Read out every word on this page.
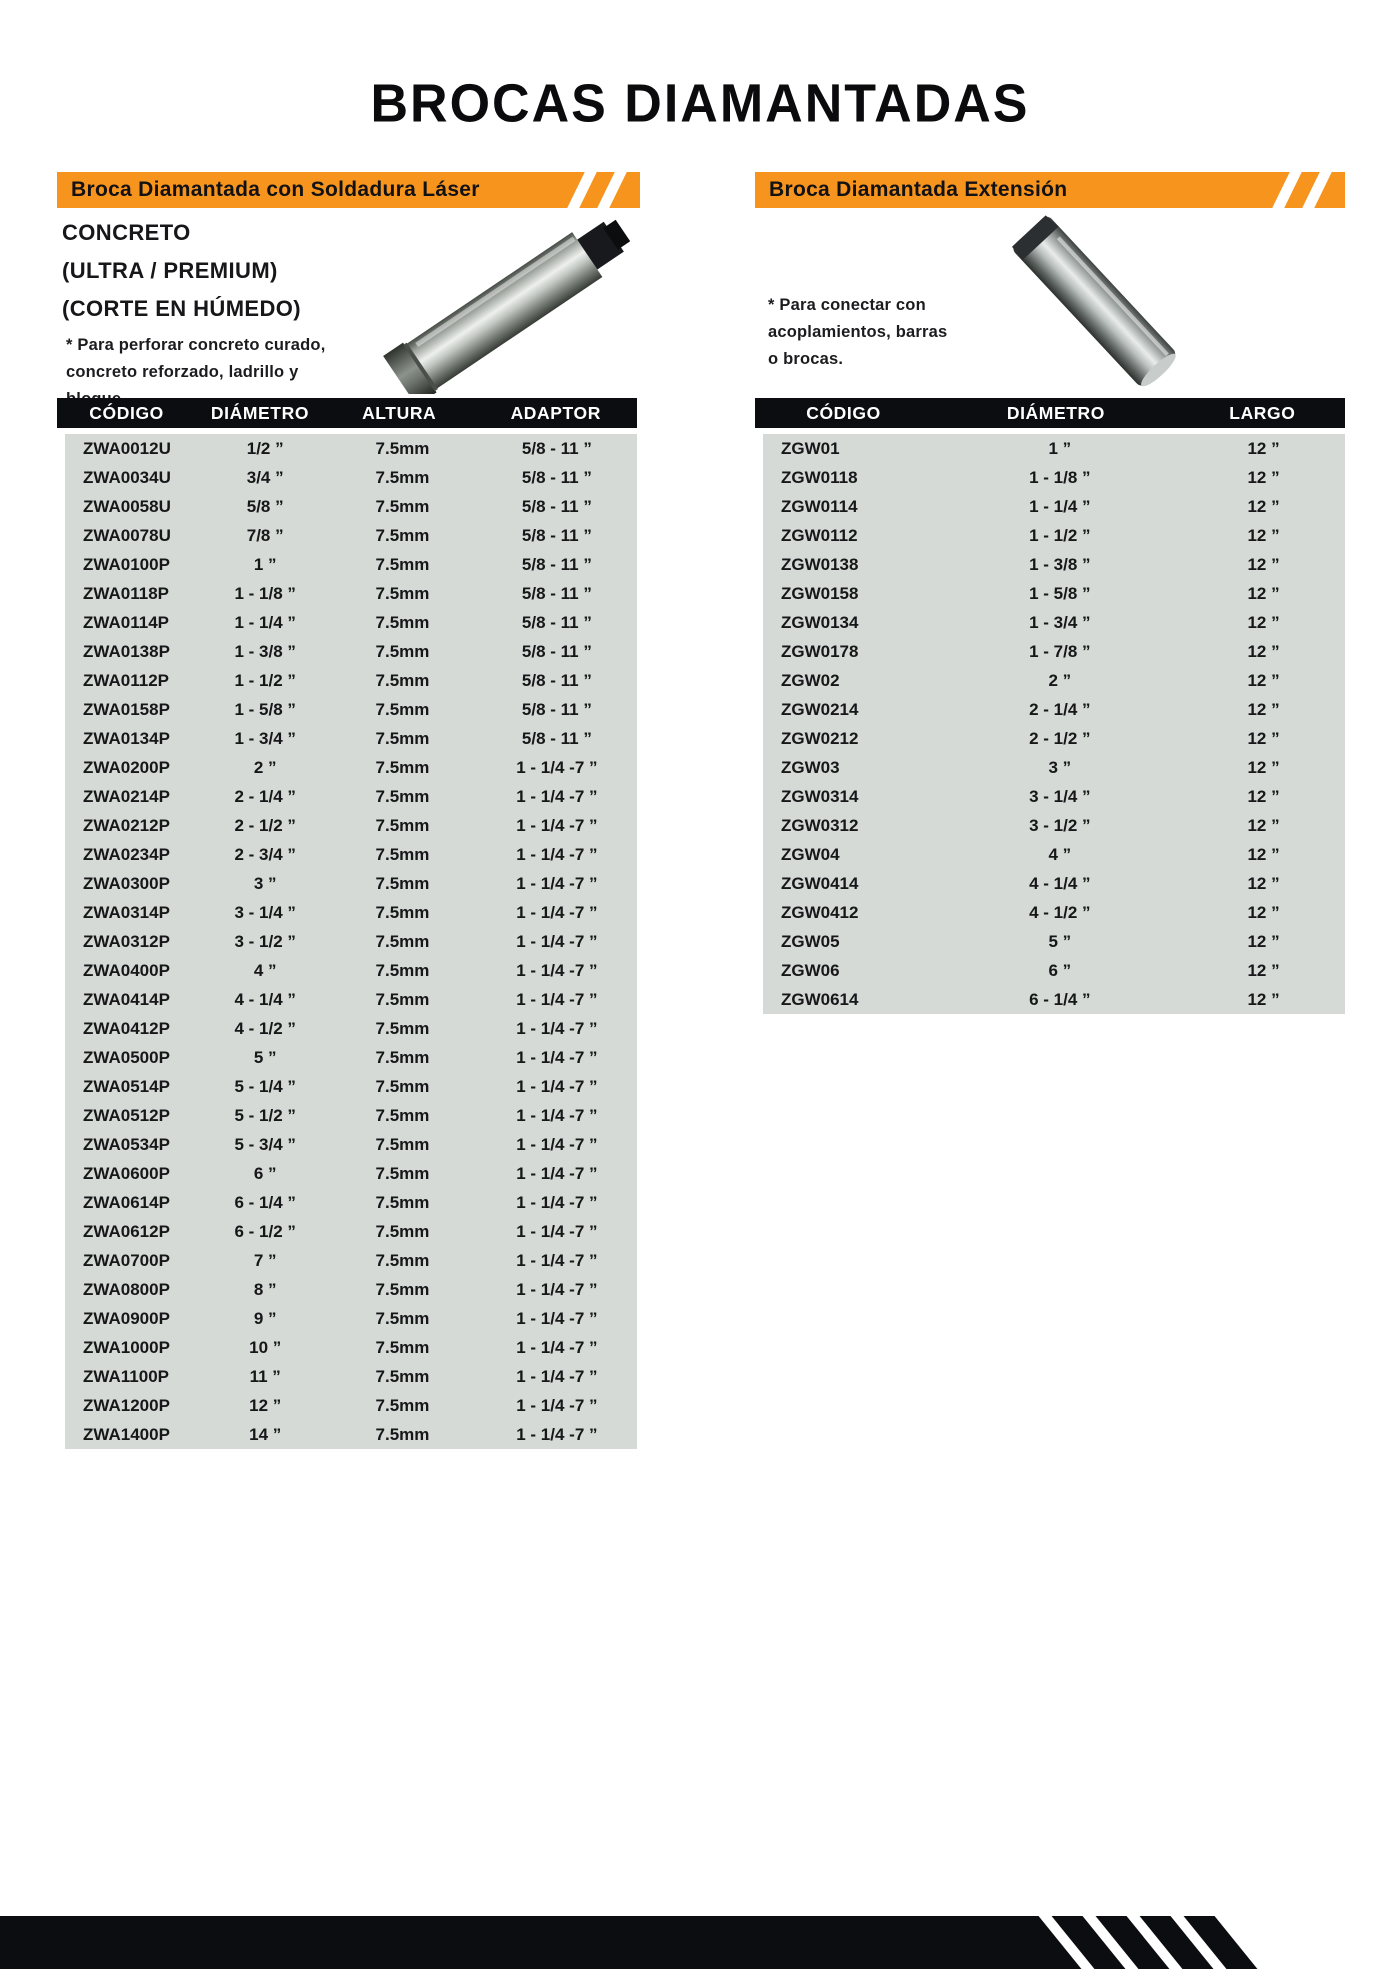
BROCAS DIAMANTADAS
Broca Diamantada con Soldadura Láser
CONCRETO
(ULTRA / PREMIUM)
(CORTE EN HÚMEDO)
* Para perforar concreto curado,
concreto reforzado, ladrillo y
CÓDIGO	DIÁMETRO	ALTURA	ADAPTOR
ZWA0012U	1/2 ”	7.5mm	5/8 - 11 ”
ZWA0034U	3/4 ”	7.5mm	5/8 - 11 ”
ZWA0058U	5/8 ”	7.5mm	5/8 - 11 ”
ZWA0078U	7/8 ”	7.5mm	5/8 - 11 ”
ZWA0100P	1 ”	7.5mm	5/8 - 11 ”
ZWA0118P	1 - 1/8 ”	7.5mm	5/8 - 11 ”
ZWA0114P	1 - 1/4 ”	7.5mm	5/8 - 11 ”
ZWA0138P	1 - 3/8 ”	7.5mm	5/8 - 11 ”
ZWA0112P	1 - 1/2 ”	7.5mm	5/8 - 11 ”
ZWA0158P	1 - 5/8 ”	7.5mm	5/8 - 11 ”
ZWA0134P	1 - 3/4 ”	7.5mm	5/8 - 11 ”
ZWA0200P	2 ”	7.5mm	1 - 1/4 -7 ”
ZWA0214P	2 - 1/4 ”	7.5mm	1 - 1/4 -7 ”
ZWA0212P	2 - 1/2 ”	7.5mm	1 - 1/4 -7 ”
ZWA0234P	2 - 3/4 ”	7.5mm	1 - 1/4 -7 ”
ZWA0300P	3 ”	7.5mm	1 - 1/4 -7 ”
ZWA0314P	3 - 1/4 ”	7.5mm	1 - 1/4 -7 ”
ZWA0312P	3 - 1/2 ”	7.5mm	1 - 1/4 -7 ”
ZWA0400P	4 ”	7.5mm	1 - 1/4 -7 ”
ZWA0414P	4 - 1/4 ”	7.5mm	1 - 1/4 -7 ”
ZWA0412P	4 - 1/2 ”	7.5mm	1 - 1/4 -7 ”
ZWA0500P	5 ”	7.5mm	1 - 1/4 -7 ”
ZWA0514P	5 - 1/4 ”	7.5mm	1 - 1/4 -7 ”
ZWA0512P	5 - 1/2 ”	7.5mm	1 - 1/4 -7 ”
ZWA0534P	5 - 3/4 ”	7.5mm	1 - 1/4 -7 ”
ZWA0600P	6 ”	7.5mm	1 - 1/4 -7 ”
ZWA0614P	6 - 1/4 ”	7.5mm	1 - 1/4 -7 ”
ZWA0612P	6 - 1/2 ”	7.5mm	1 - 1/4 -7 ”
ZWA0700P	7 ”	7.5mm	1 - 1/4 -7 ”
ZWA0800P	8 ”	7.5mm	1 - 1/4 -7 ”
ZWA0900P	9 ”	7.5mm	1 - 1/4 -7 ”
ZWA1000P	10 ”	7.5mm	1 - 1/4 -7 ”
ZWA1100P	11 ”	7.5mm	1 - 1/4 -7 ”
ZWA1200P	12 ”	7.5mm	1 - 1/4 -7 ”
ZWA1400P	14 ”	7.5mm	1 - 1/4 -7 ”
Broca Diamantada Extensión
* Para conectar con
acoplamientos, barras
o brocas.
CÓDIGO	DIÁMETRO	LARGO
ZGW01	1 ”	12 ”
ZGW0118	1 - 1/8 ”	12 ”
ZGW0114	1 - 1/4 ”	12 ”
ZGW0112	1 - 1/2 ”	12 ”
ZGW0138	1 - 3/8 ”	12 ”
ZGW0158	1 - 5/8 ”	12 ”
ZGW0134	1 - 3/4 ”	12 ”
ZGW0178	1 - 7/8 ”	12 ”
ZGW02	2 ”	12 ”
ZGW0214	2 - 1/4 ”	12 ”
ZGW0212	2 - 1/2 ”	12 ”
ZGW03	3 ”	12 ”
ZGW0314	3 - 1/4 ”	12 ”
ZGW0312	3 - 1/2 ”	12 ”
ZGW04	4 ”	12 ”
ZGW0414	4 - 1/4 ”	12 ”
ZGW0412	4 - 1/2 ”	12 ”
ZGW05	5 ”	12 ”
ZGW06	6 ”	12 ”
ZGW0614	6 - 1/4 ”	12 ”
